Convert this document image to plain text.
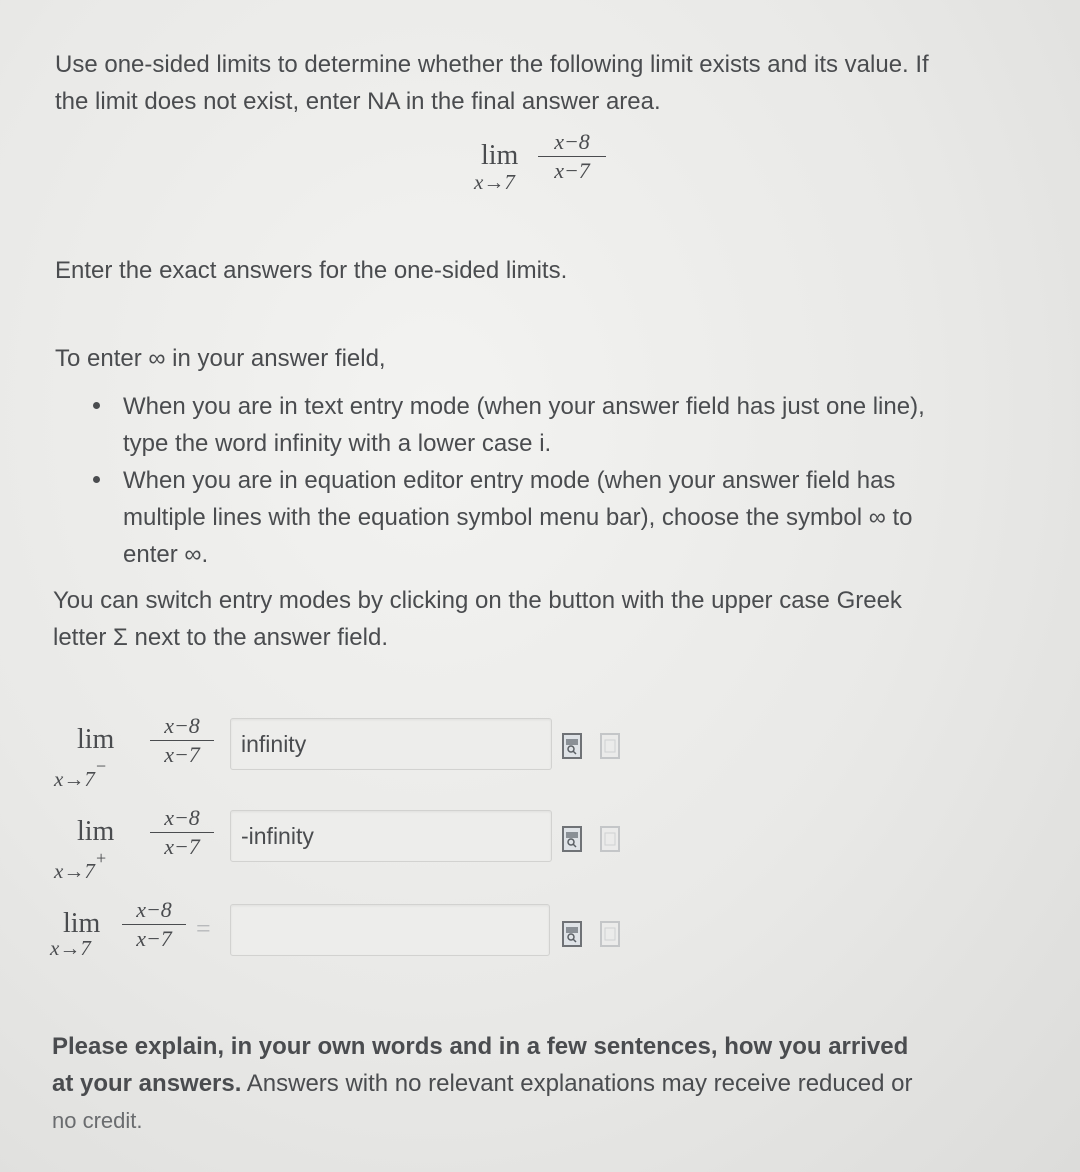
Use one-sided limits to determine whether the following limit exists and its value. If
the limit does not exist, enter NA in the final answer area.
lim
x→7
x−8
x−7
Enter the exact answers for the one-sided limits.
To enter ∞ in your answer field,
When you are in text entry mode (when your answer field has just one line),
type the word infinity with a lower case i.
When you are in equation editor entry mode (when your answer field has
multiple lines with the equation symbol menu bar), choose the symbol ∞ to
enter ∞.
You can switch entry modes by clicking on the button with the upper case Greek
letter Σ next to the answer field.
lim
x→7−
x−8
x−7
infinity
lim
x→7+
x−8
x−7
-infinity
lim
x→7
x−8
x−7 =
Please explain, in your own words and in a few sentences, how you arrived
at your answers. Answers with no relevant explanations may receive reduced or
no credit.
